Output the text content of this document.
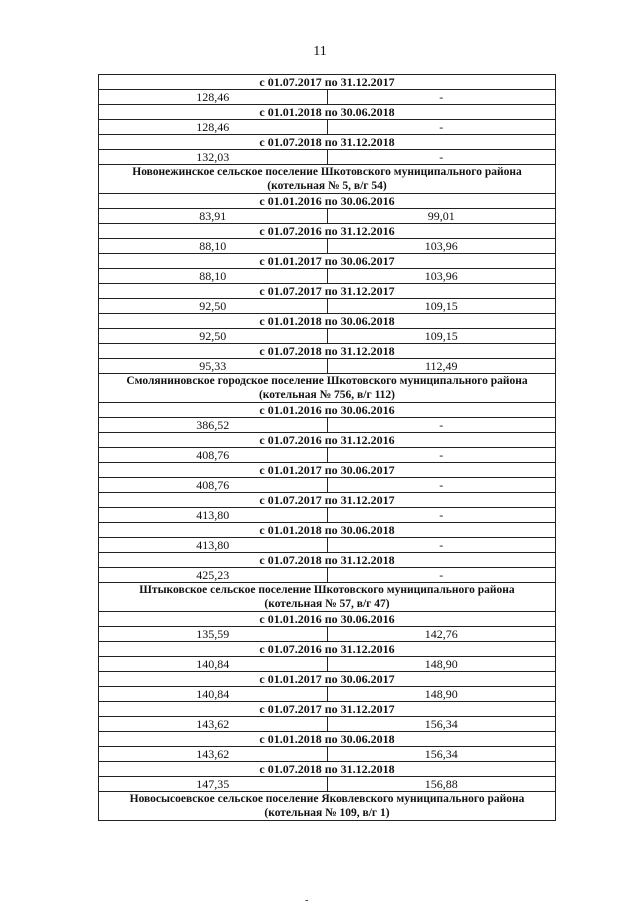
11
с 01.07.2017 по 31.12.2017	
128,46	-
с 01.01.2018 по 30.06.2018	
128,46	-
с 01.07.2018 по 31.12.2018	
132,03	-
Новонежинское сельское поселение Шкотовского муниципального района	
(котельная № 5, в/г 54)	
с 01.01.2016 по 30.06.2016	
83,91	99,01
с 01.07.2016 по 31.12.2016	
88,10	103,96
с 01.01.2017 по 30.06.2017	
88,10	103,96
с 01.07.2017 по 31.12.2017	
92,50	109,15
с 01.01.2018 по 30.06.2018	
92,50	109,15
с 01.07.2018 по 31.12.2018	
95,33	112,49
Смоляниновское городское поселение Шкотовского муниципального района	
(котельная № 756, в/г 112)	
с 01.01.2016 по 30.06.2016	
386,52	-
с 01.07.2016 по 31.12.2016	
408,76	-
с 01.01.2017 по 30.06.2017	
408,76	-
с 01.07.2017 по 31.12.2017	
413,80	-
с 01.01.2018 по 30.06.2018	
413,80	-
с 01.07.2018 по 31.12.2018	
425,23	-
Штыковское сельское поселение Шкотовского муниципального района	
(котельная № 57, в/г 47)	
с 01.01.2016 по 30.06.2016	
135,59	142,76
с 01.07.2016 по 31.12.2016	
140,84	148,90
с 01.01.2017 по 30.06.2017	
140,84	148,90
с 01.07.2017 по 31.12.2017	
143,62	156,34
с 01.01.2018 по 30.06.2018	
143,62	156,34
с 01.07.2018 по 31.12.2018	
147,35	156,88
Новосысоевское сельское поселение Яковлевского муниципального района	
(котельная № 109, в/г 1)	
-
